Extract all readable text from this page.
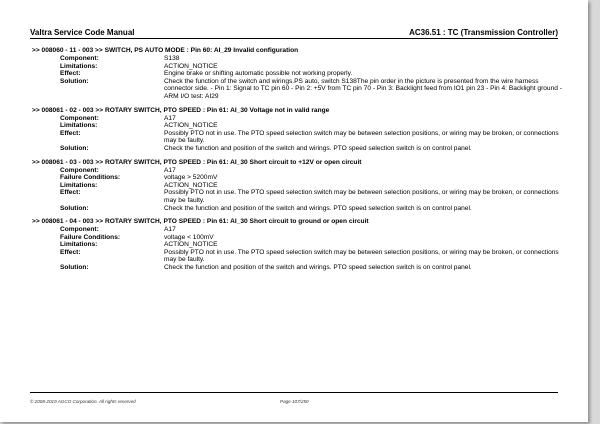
Valtra Service Code Manual	AC36.51 : TC (Transmission Controller)
>> 008060 - 11 - 003 >> SWITCH, PS AUTO MODE : Pin 60: AI_29 Invalid configuration
Component:	S138
Limitations:	ACTION_NOTICE
Effect:	Engine brake or shifting automatic possible not working properly.
Solution:	Check the function of the switch and wirings.PS auto, switch S138The pin order in the picture is presented from the wire harness connector side. - Pin 1: Signal to TC pin 60 - Pin 2: +5V from TC pin 70 - Pin 3: Backlight feed from IO1 pin 23 - Pin 4: Backlight ground - ARM I/O test: AI29
>> 008061 - 02 - 003 >> ROTARY SWITCH, PTO SPEED : Pin 61: AI_30 Voltage not in valid range
Component:	A17
Limitations:	ACTION_NOTICE
Effect:	Possibly PTO not in use. The PTO speed selection switch may be between selection positions, or wiring may be broken, or connections may be faulty.
Solution:	Check the function and position of the switch and wirings. PTO speed selection switch is on control panel.
>> 008061 - 03 - 003 >> ROTARY SWITCH, PTO SPEED : Pin 61: AI_30 Short circuit to +12V or open circuit
Component:	A17
Failure Conditions:	voltage > 5200mV
Limitations:	ACTION_NOTICE
Effect:	Possibly PTO not in use. The PTO speed selection switch may be between selection positions, or wiring may be broken, or connections may be faulty.
Solution:	Check the function and position of the switch and wirings. PTO speed selection switch is on control panel.
>> 008061 - 04 - 003 >> ROTARY SWITCH, PTO SPEED : Pin 61: AI_30 Short circuit to ground or open circuit
Component:	A17
Failure Conditions:	voltage < 100mV
Limitations:	ACTION_NOTICE
Effect:	Possibly PTO not in use. The PTO speed selection switch may be between selection positions, or wiring may be broken, or connections may be faulty.
Solution:	Check the function and position of the switch and wirings. PTO speed selection switch is on control panel.
© 2008-2019 AGCO Corporation. All rights reserved	Page 107/250
